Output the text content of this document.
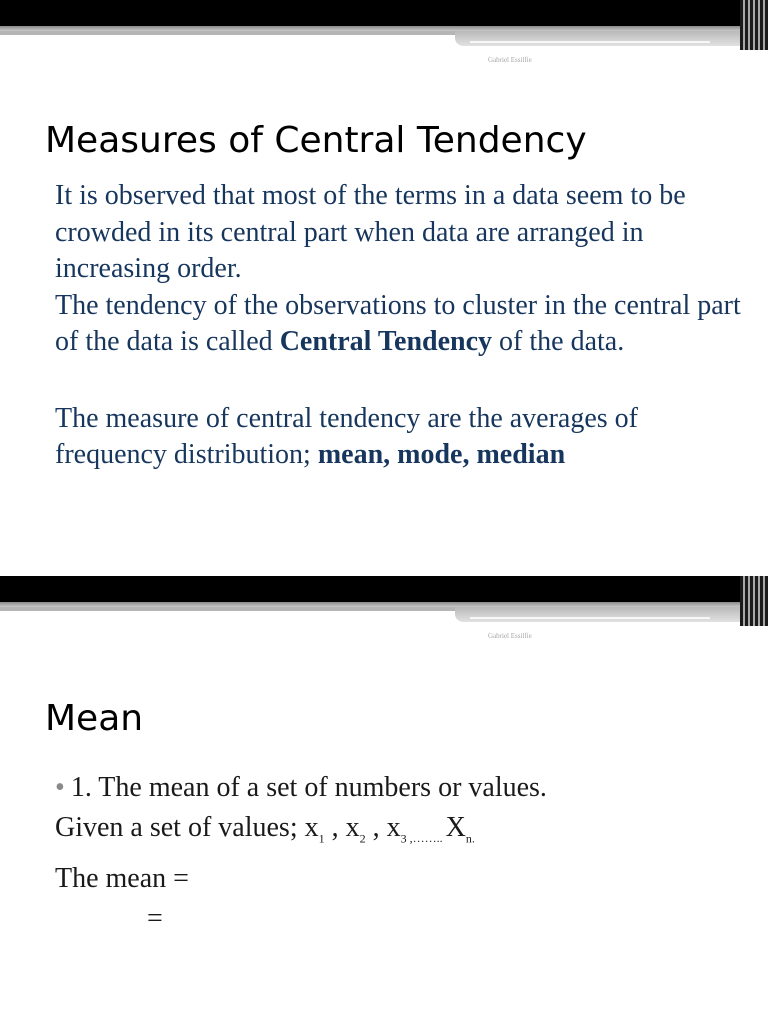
Gabriel Essilfie
Measures of Central Tendency

It is observed that most of the terms in a data seem to be crowded in its central part when data are arranged in increasing order.

The tendency of the observations to cluster in the central part of the data is called Central Tendency of the data.

The measure of central tendency are the averages of frequency distribution; mean, mode, median

Gabriel Essilfie
Mean

• 1. The mean of a set of numbers or values.

Given a set of values; $x_1$ , $x_2$ , $x_3$ $_{,\dots\dots..}$ $X_{n.}$

The mean =

=
